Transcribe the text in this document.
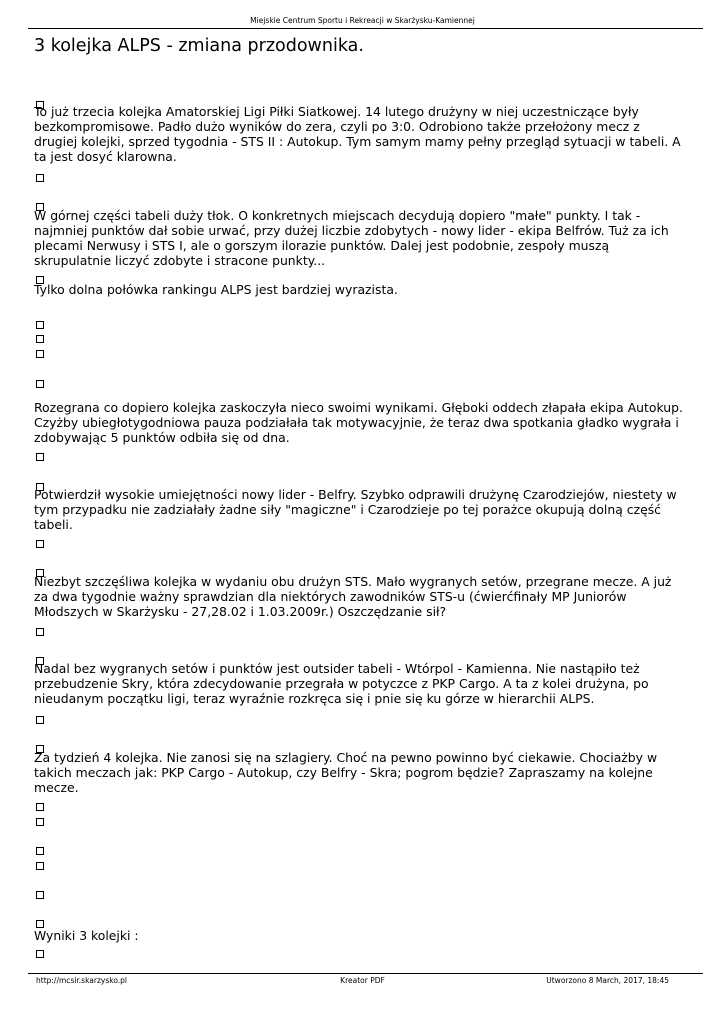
Miejskie Centrum Sportu i Rekreacji w Skarżysku-Kamiennej
3 kolejka ALPS - zmiana przodownika.
To już trzecia kolejka Amatorskiej Ligi Piłki Siatkowej. 14 lutego drużyny w niej uczestniczące były bezkompromisowe. Padło dużo wyników do zera, czyli po 3:0. Odrobiono także przełożony mecz z drugiej kolejki, sprzed tygodnia - STS II : Autokup. Tym samym mamy pełny przegląd sytuacji w tabeli. A ta jest dosyć klarowna.
W górnej części tabeli duży tłok. O konkretnych miejscach decydują dopiero "małe" punkty. I tak - najmniej punktów dał sobie urwać, przy dużej liczbie zdobytych - nowy lider - ekipa Belfrów. Tuż za ich plecami Nerwusy i STS I, ale o gorszym ilorazie punktów. Dalej jest podobnie, zespoły muszą skrupulatnie liczyć zdobyte i stracone punkty...
Tylko dolna połówka rankingu ALPS jest bardziej wyrazista.
Rozegrana co dopiero kolejka zaskoczyła nieco swoimi wynikami. Głęboki oddech złapała ekipa Autokup. Czyżby ubiegłotygodniowa pauza podziałała tak motywacyjnie, że teraz dwa spotkania gładko wygrała i zdobywając 5 punktów odbiła się od dna.
Potwierdził wysokie umiejętności nowy lider - Belfry. Szybko odprawili drużynę Czarodziejów, niestety w tym przypadku nie zadziałały żadne siły "magiczne" i Czarodzieje po tej porażce okupują dolną część tabeli.
Niezbyt szczęśliwa kolejka w wydaniu obu drużyn STS. Mało wygranych setów, przegrane mecze. A już za dwa tygodnie ważny sprawdzian dla niektórych zawodników STS-u (ćwierćfinały MP Juniorów Młodszych w Skarżysku - 27,28.02 i 1.03.2009r.) Oszczędzanie sił?
Nadal bez wygranych setów i punktów jest outsider tabeli - Wtórpol - Kamienna. Nie nastąpiło też przebudzenie Skry, która zdecydowanie przegrała w potyczce z PKP Cargo. A ta z kolei drużyna, po nieudanym początku ligi, teraz wyraźnie rozkręca się i pnie się ku górze w hierarchii ALPS.
Za tydzień 4 kolejka. Nie zanosi się na szlagiery. Choć na pewno powinno być ciekawie. Chociażby w takich meczach jak: PKP Cargo - Autokup, czy Belfry - Skra; pogrom będzie? Zapraszamy na kolejne mecze.
Wyniki 3 kolejki :
http://mcsir.skarzysko.pl	Kreator PDF	Utworzono 8 March, 2017, 18:45
